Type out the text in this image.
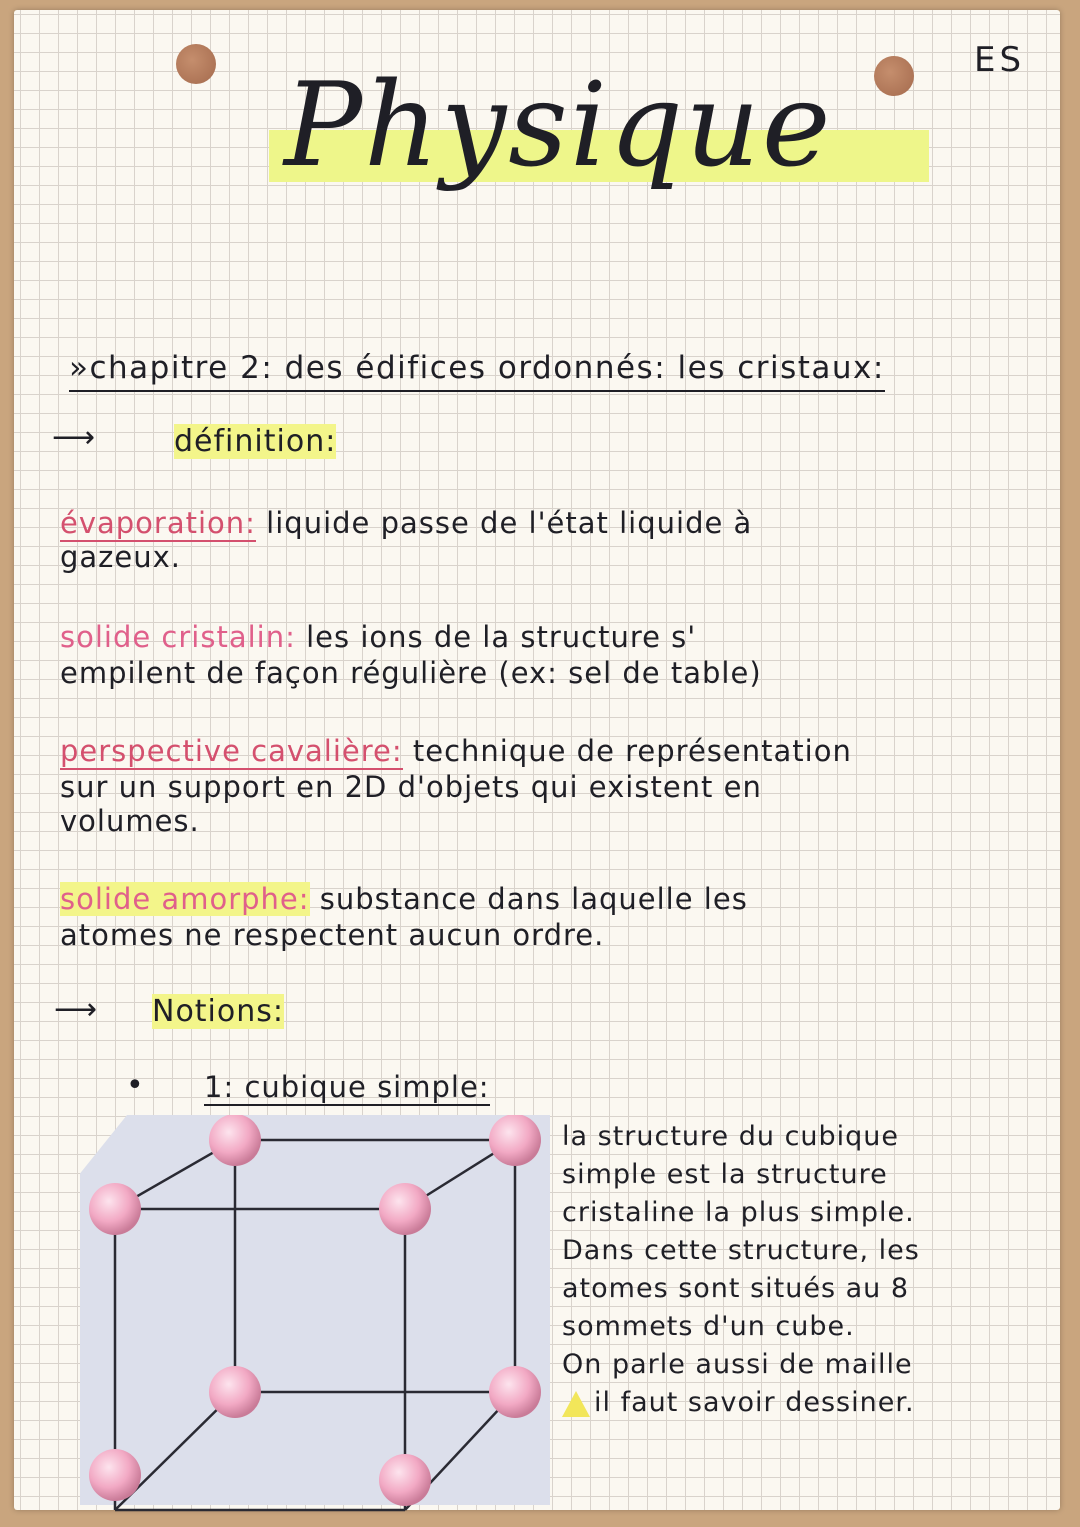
ES
Physique
»chapitre 2: des édifices ordonnés: les cristaux:
⟶	définition:
évaporation: liquide passe de l'état liquide à
gazeux.
solide cristalin: les ions de la structure s'
empilent de façon régulière (ex: sel de table)
perspective cavalière: technique de représentation
sur un support en 2D d'objets qui existent en
volumes.
solide amorphe: substance dans laquelle les
atomes ne respectent aucun ordre.
⟶ Notions:
• 1: cubique simple:
la structure du cubique
simple est la structure
cristaline la plus simple.
Dans cette structure, les
atomes sont situés au 8
sommets d'un cube.
On parle aussi de maille
il faut savoir dessiner.
